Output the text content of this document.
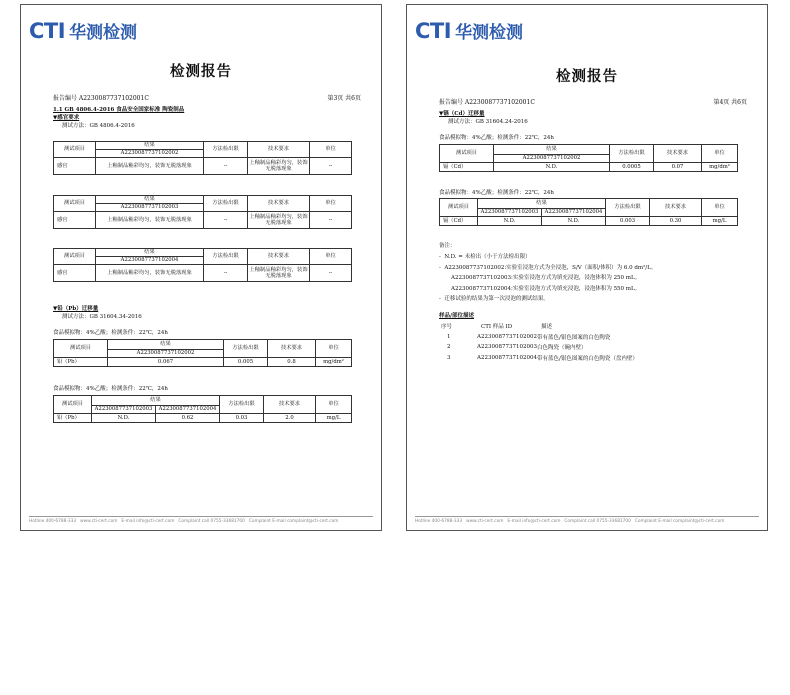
CTI 华测检测
检测报告
报告编号 A2230087737102001C	第3页 共6页
1.1 GB 4806.4-2016 食品安全国家标准 陶瓷制品
▼感官要求
测试方法：GB 4806.4-2016
测试项目	结果	方法检出限	技术要求	单位
	A2230087737102002			
感官	上釉制品釉彩均匀，装饰无脱落现象	--	上釉制品釉彩均匀，装饰无脱落现象	--
测试项目	结果	方法检出限	技术要求	单位
	A2230087737102003			
感官	上釉制品釉彩均匀，装饰无脱落现象	--	上釉制品釉彩均匀，装饰无脱落现象	--
测试项目	结果	方法检出限	技术要求	单位
	A2230087737102004			
感官	上釉制品釉彩均匀，装饰无脱落现象	--	上釉制品釉彩均匀，装饰无脱落现象	--
▼铅（Pb）迁移量
测试方法：GB 31604.34-2016
食品模拟物：4%乙酸；检测条件：22℃，24h
测试项目	结果	方法检出限	技术要求	单位
	A2230087737102002			
铅（Pb）	0.067	0.005	0.8	mg/dm²
食品模拟物：4%乙酸；检测条件：22℃，24h
测试项目	结果		方法检出限	技术要求	单位
	A2230087737102003	A2230087737102004			
铅（Pb）	N.D.	0.62	0.03	2.0	mg/L
Hotline 400-6788-333 www.cti-cert.com E-mail info@cti-cert.com Complaint call 0755-33681700 Complaint E-mail complaint@cti-cert.com
CTI 华测检测
检测报告
报告编号 A2230087737102001C	第4页 共6页
▼镉（Cd）迁移量
测试方法：GB 31604.24-2016
食品模拟物：4%乙酸；检测条件：22℃，24h
测试项目	结果	方法检出限	技术要求	单位
	A2230087737102002			
镉（Cd）	N.D.	0.0005	0.07	mg/dm²
食品模拟物：4%乙酸；检测条件：22℃，24h
测试项目	结果		方法检出限	技术要求	单位
	A2230087737102003	A2230087737102004			
镉（Cd）	N.D.	N.D.	0.003	0.30	mg/L
备注：
-  N.D. = 未检出（小于方法检出限）
-  A2230087737102002:实验室浸泡方式为全浸泡，S/V（面积/体积）为 6.0 dm²/L。
A2230087737102003:实验室浸泡方式为填充浸泡，浸泡体积为 250 mL。
A2230087737102004:实验室浸泡方式为填充浸泡，浸泡体积为 550 mL。
-  迁移试验的结果为第一次浸泡的测试结果。
样品/部位描述
序号	CTI 样品 ID	描述
1	A2230087737102002 带有蓝色/银色图案的白色陶瓷
2	A2230087737102003 白色陶瓷（碗内壁）
3	A2230087737102004 带有蓝色/银色图案的白色陶瓷（盘内壁）
Hotline 400-6788-333 www.cti-cert.com E-mail info@cti-cert.com Complaint call 0755-33681700 Complaint E-mail complaint@cti-cert.com
